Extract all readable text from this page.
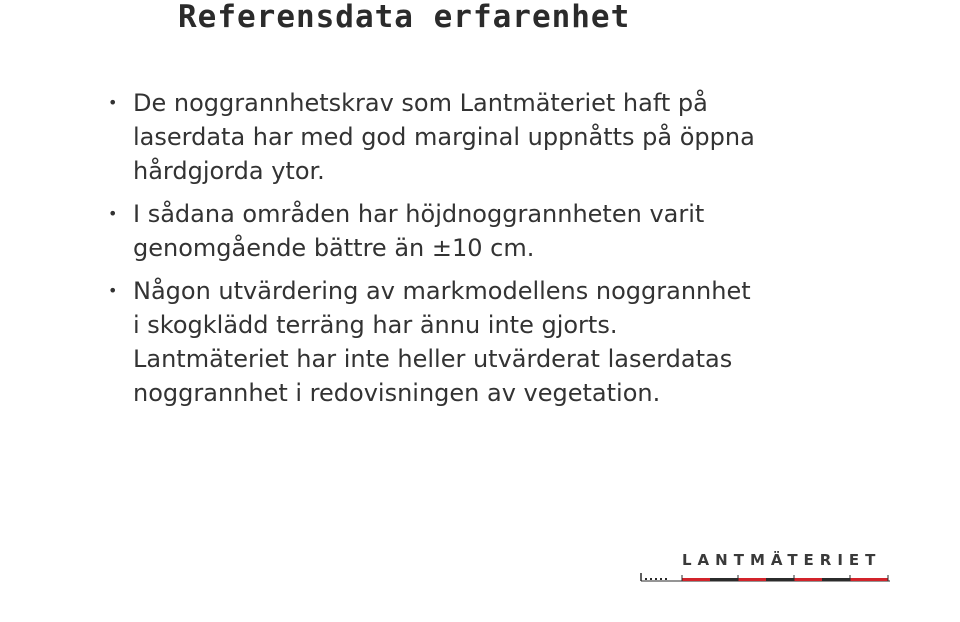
Referensdata erfarenhet
• De noggrannhetskrav som Lantmäteriet haft på
laserdata har med god marginal uppnåtts på öppna
hårdgjorda ytor.
• I sådana områden har höjdnoggrannheten varit
genomgående bättre än ±10 cm.
• Någon utvärdering av markmodellens noggrannhet
i skogklädd terräng har ännu inte gjorts.
Lantmäteriet har inte heller utvärderat laserdatas
noggrannhet i redovisningen av vegetation.
LANTMÄTERIET
